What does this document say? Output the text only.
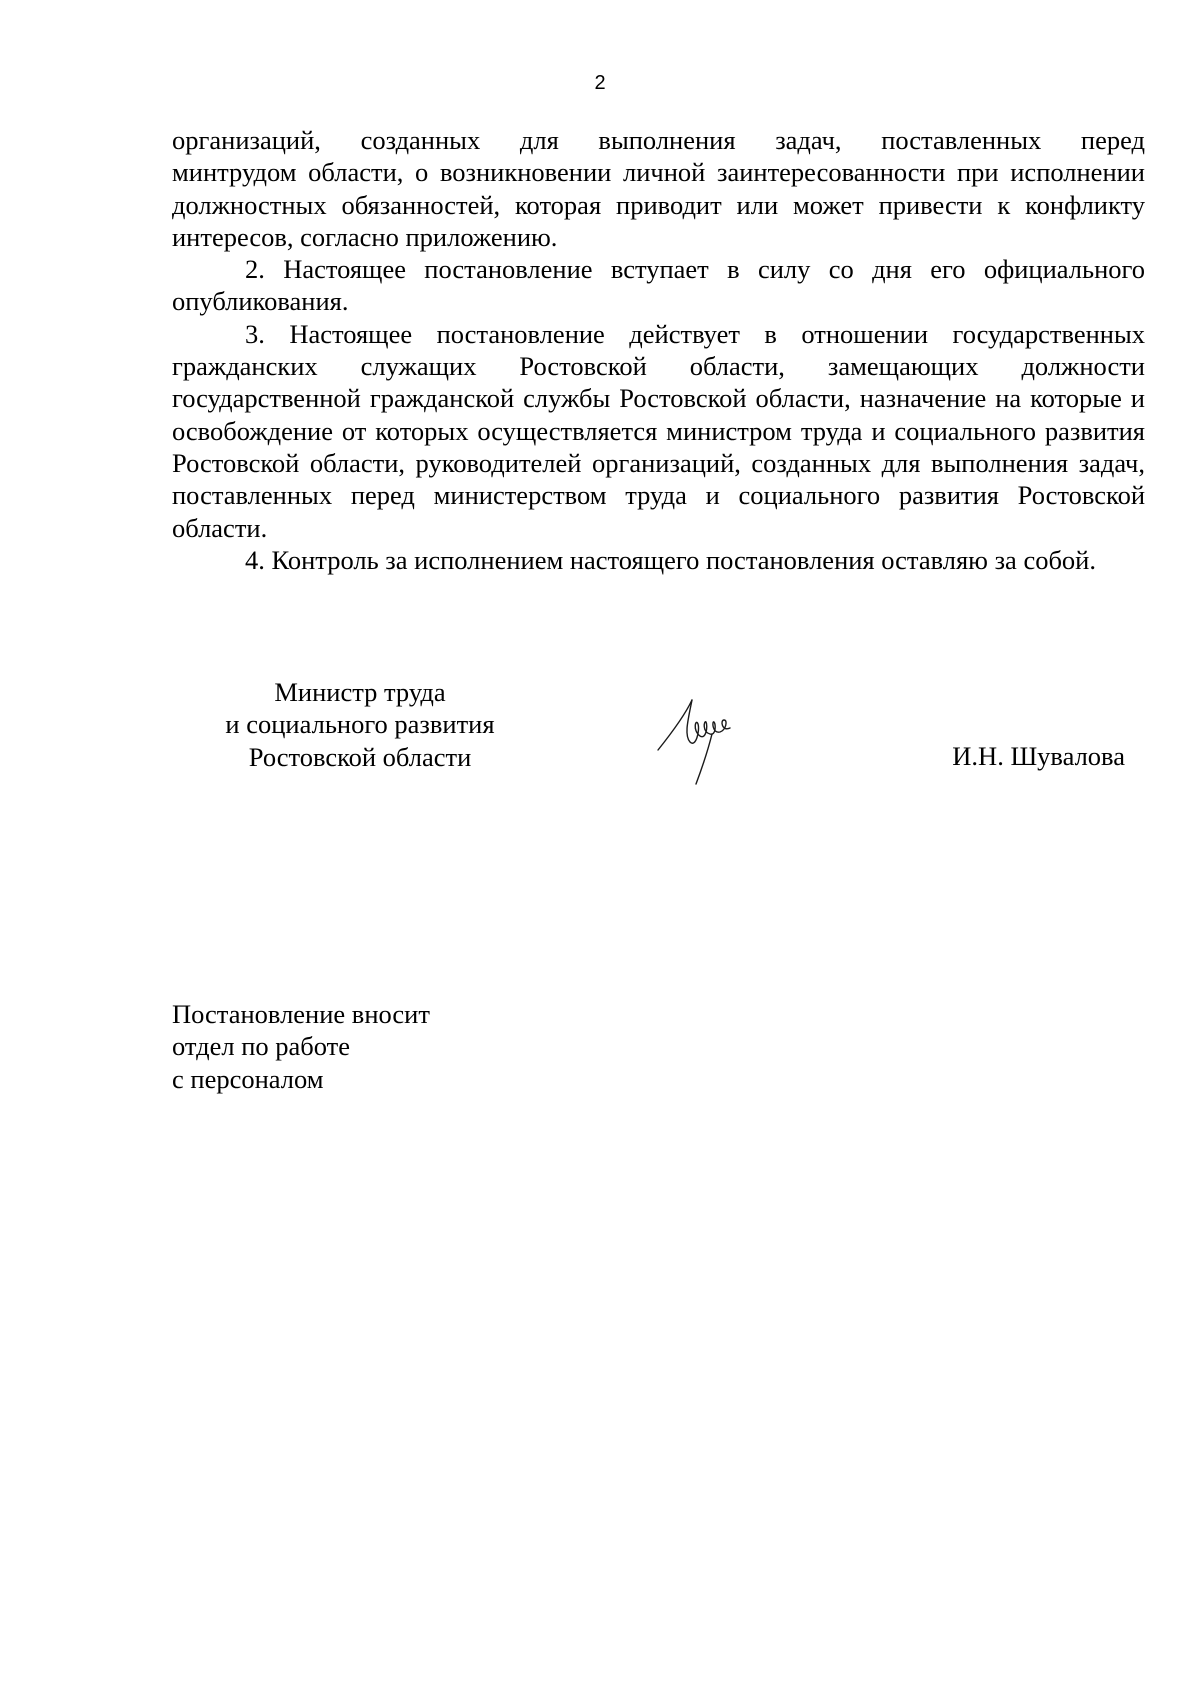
2

организаций, созданных для выполнения задач, поставленных перед
минтрудом области, о возникновении личной заинтересованности при исполнении должностных обязанностей, которая приводит или может привести к конфликту интересов, согласно приложению.

2. Настоящее постановление вступает в силу со дня его официального опубликования.

3. Настоящее постановление действует в отношении государственных гражданских служащих Ростовской области, замещающих должности государственной гражданской службы Ростовской области, назначение на которые и освобождение от которых осуществляется министром труда и социального развития Ростовской области, руководителей организаций, созданных для выполнения задач, поставленных перед министерством труда и социального развития Ростовской области.

4. Контроль за исполнением настоящего постановления оставляю за собой.

Министр труда
и социального развития
Ростовской области	И.Н. Шувалова
Постановление вносит
отдел по работе
с персоналом
